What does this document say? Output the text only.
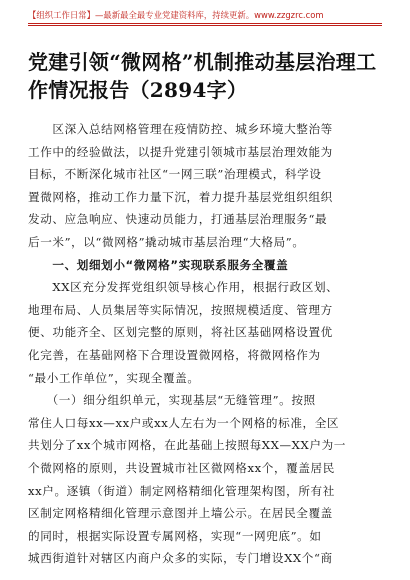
【组织工作日常】—最新最全最专业党建资料库，持续更新。www.zzgzrc.com
党建引领“微网格”机制推动基层治理工
作情况报告（2894字）
　　区深入总结网格管理在疫情防控、城乡环境大整治等
工作中的经验做法，以提升党建引领城市基层治理效能为
目标，不断深化城市社区“一网三联”治理模式，科学设
置微网格，推动工作力量下沉，着力提升基层党组织组织
发动、应急响应、快速动员能力，打通基层治理服务“最
后一米”，以“微网格”撬动城市基层治理“大格局”。
　　一、划细划小“微网格”实现联系服务全覆盖
　　XX区充分发挥党组织领导核心作用，根据行政区划、
地理布局、人员集居等实际情况，按照规模适度、管理方
便、功能齐全、区划完整的原则，将社区基础网格设置优
化完善，在基础网格下合理设置微网格，将微网格作为
“最小工作单位”，实现全覆盖。
　　（一）细分组织单元，实现基层“无缝管理”。按照
常住人口每xx—xx户或xx人左右为一个网格的标准，全区
共划分了xx个城市网格，在此基础上按照每XX—XX户为一
个微网格的原则，共设置城市社区微网格xx个，覆盖居民
xx户。逐镇（街道）制定网格精细化管理架构图，所有社
区制定网格精细化管理示意图并上墙公示。在居民全覆盖
的同时，根据实际设置专属网格，实现“一网兜底”。如
城西街道针对辖区内商户众多的实际，专门增设XX个“商
